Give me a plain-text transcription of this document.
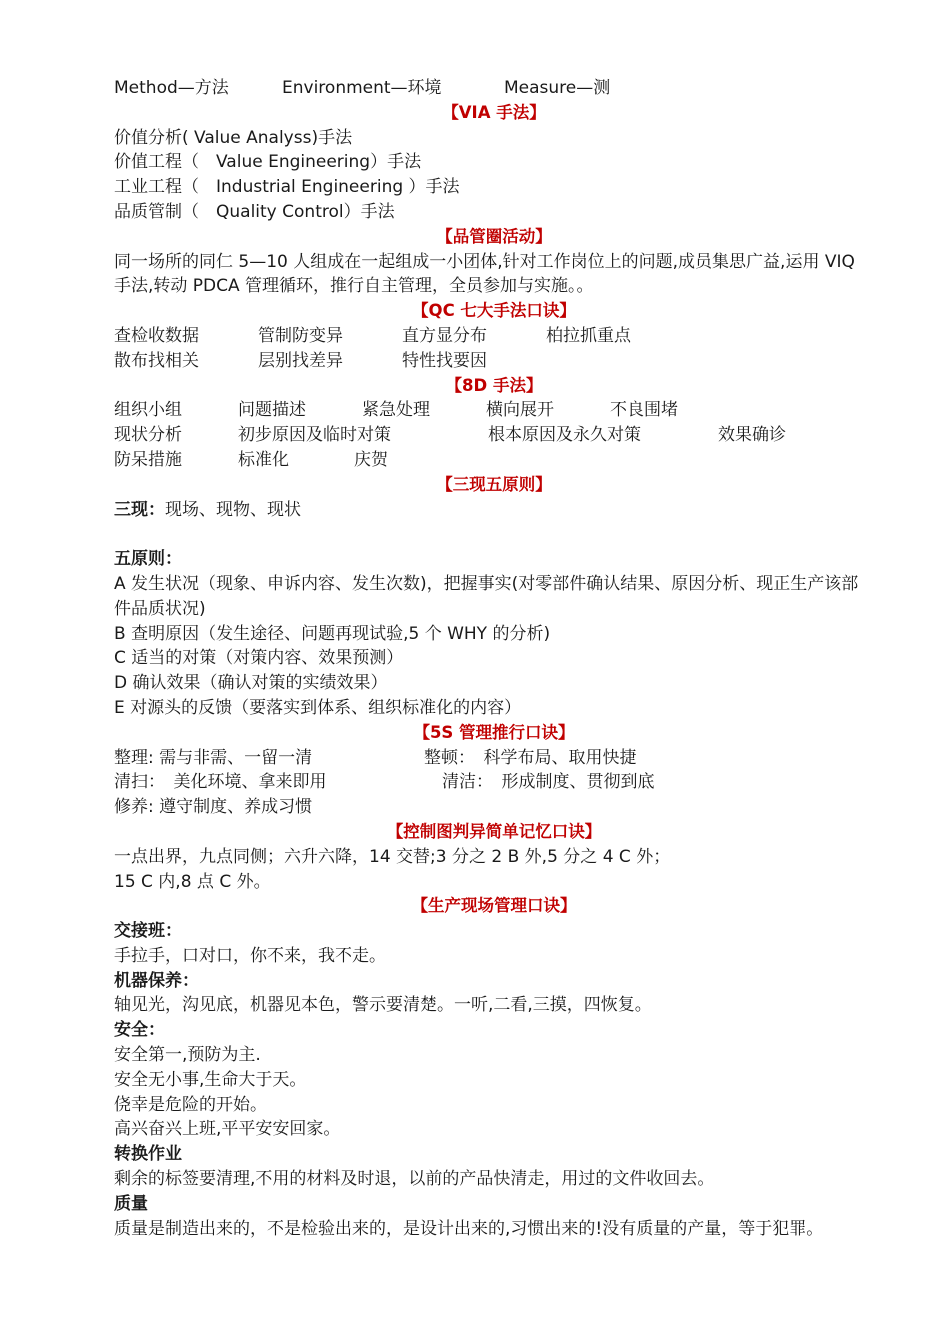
Method—方法	Environment—环境	Measure—测
【VIA 手法】
价值分析( Value Analyss)手法
价值工程（　Value Engineering）手法
工业工程（　Industrial Engineering ）手法
品质管制（　Quality Control）手法
【品管圈活动】
同一场所的同仁 5—10 人组成在一起组成一小团体,针对工作岗位上的问题,成员集思广益,运用 VIQ 手法,转动 PDCA 管理循环，推行自主管理，全员参加与实施。。
【QC 七大手法口诀】
查检收数据	管制防变异	直方显分布	柏拉抓重点
散布找相关	层别找差异	特性找要因
【8D 手法】
组织小组	问题描述	紧急处理	横向展开	不良围堵
现状分析	初步原因及临时对策	根本原因及永久对策	效果确诊
防呆措施	标准化	庆贺
【三现五原则】
三现：现场、现物、现状
五原则：
A 发生状况（现象、申诉内容、发生次数)，把握事实(对零部件确认结果、原因分析、现正生产该部件品质状况)
B 查明原因（发生途径、问题再现试验,5 个 WHY 的分析)
C 适当的对策（对策内容、效果预测）
D 确认效果（确认对策的实绩效果）
E 对源头的反馈（要落实到体系、组织标准化的内容）
【5S 管理推行口诀】
整理: 需与非需、一留一清	整顿：　科学布局、取用快捷
清扫：　美化环境、拿来即用	清洁：　形成制度、贯彻到底
修养: 遵守制度、养成习惯
【控制图判异简单记忆口诀】
一点出界，九点同侧；六升六降，14 交替;3 分之 2 B 外,5 分之 4 C 外；
15 C 内,8 点 C 外。
【生产现场管理口诀】
交接班：
手拉手，口对口，你不来，我不走。
机器保养：
轴见光，沟见底，机器见本色，警示要清楚。一听,二看,三摸，四恢复。
安全：
安全第一,预防为主.
安全无小事,生命大于天。
侥幸是危险的开始。
高兴奋兴上班,平平安安回家。
转换作业
剩余的标签要清理,不用的材料及时退，以前的产品快清走，用过的文件收回去。
质量
质量是制造出来的，不是检验出来的，是设计出来的,习惯出来的!没有质量的产量，等于犯罪。
